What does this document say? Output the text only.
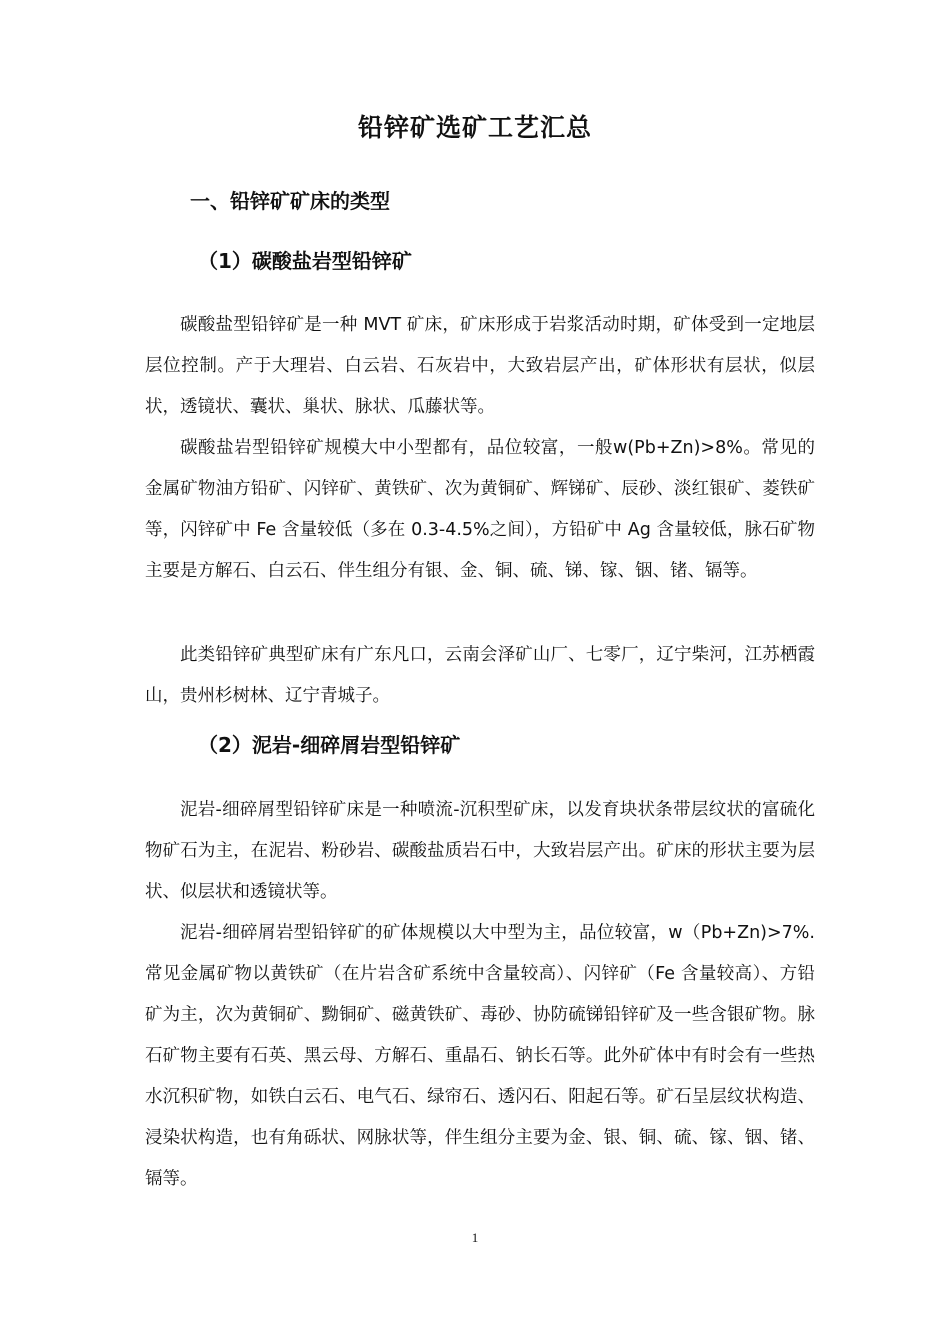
铅锌矿选矿工艺汇总
一、铅锌矿矿床的类型
（1）碳酸盐岩型铅锌矿

碳酸盐型铅锌矿是一种 MVT 矿床，矿床形成于岩浆活动时期，矿体受到一定地层层位控制。产于大理岩、白云岩、石灰岩中，大致岩层产出，矿体形状有层状，似层状，透镜状、囊状、巢状、脉状、瓜藤状等。

碳酸盐岩型铅锌矿规模大中小型都有，品位较富，一般w(Pb+Zn)>8%。常见的金属矿物油方铅矿、闪锌矿、黄铁矿、次为黄铜矿、辉锑矿、辰砂、淡红银矿、菱铁矿等，闪锌矿中 Fe 含量较低（多在 0.3-4.5%之间），方铅矿中 Ag 含量较低，脉石矿物主要是方解石、白云石、伴生组分有银、金、铜、硫、锑、镓、铟、锗、镉等。

此类铅锌矿典型矿床有广东凡口，云南会泽矿山厂、七零厂，辽宁柴河，江苏栖霞山，贵州杉树林、辽宁青城子。

（2）泥岩-细碎屑岩型铅锌矿

泥岩-细碎屑型铅锌矿床是一种喷流-沉积型矿床，以发育块状条带层纹状的富硫化物矿石为主，在泥岩、粉砂岩、碳酸盐质岩石中，大致岩层产出。矿床的形状主要为层状、似层状和透镜状等。

泥岩-细碎屑岩型铅锌矿的矿体规模以大中型为主，品位较富，w（Pb+Zn)>7%. 常见金属矿物以黄铁矿（在片岩含矿系统中含量较高）、闪锌矿（Fe 含量较高）、方铅矿为主，次为黄铜矿、黝铜矿、磁黄铁矿、毒砂、协防硫锑铅锌矿及一些含银矿物。脉石矿物主要有石英、黑云母、方解石、重晶石、钠长石等。此外矿体中有时会有一些热水沉积矿物，如铁白云石、电气石、绿帘石、透闪石、阳起石等。矿石呈层纹状构造、浸染状构造，也有角砾状、网脉状等，伴生组分主要为金、银、铜、硫、镓、铟、锗、镉等。

1
